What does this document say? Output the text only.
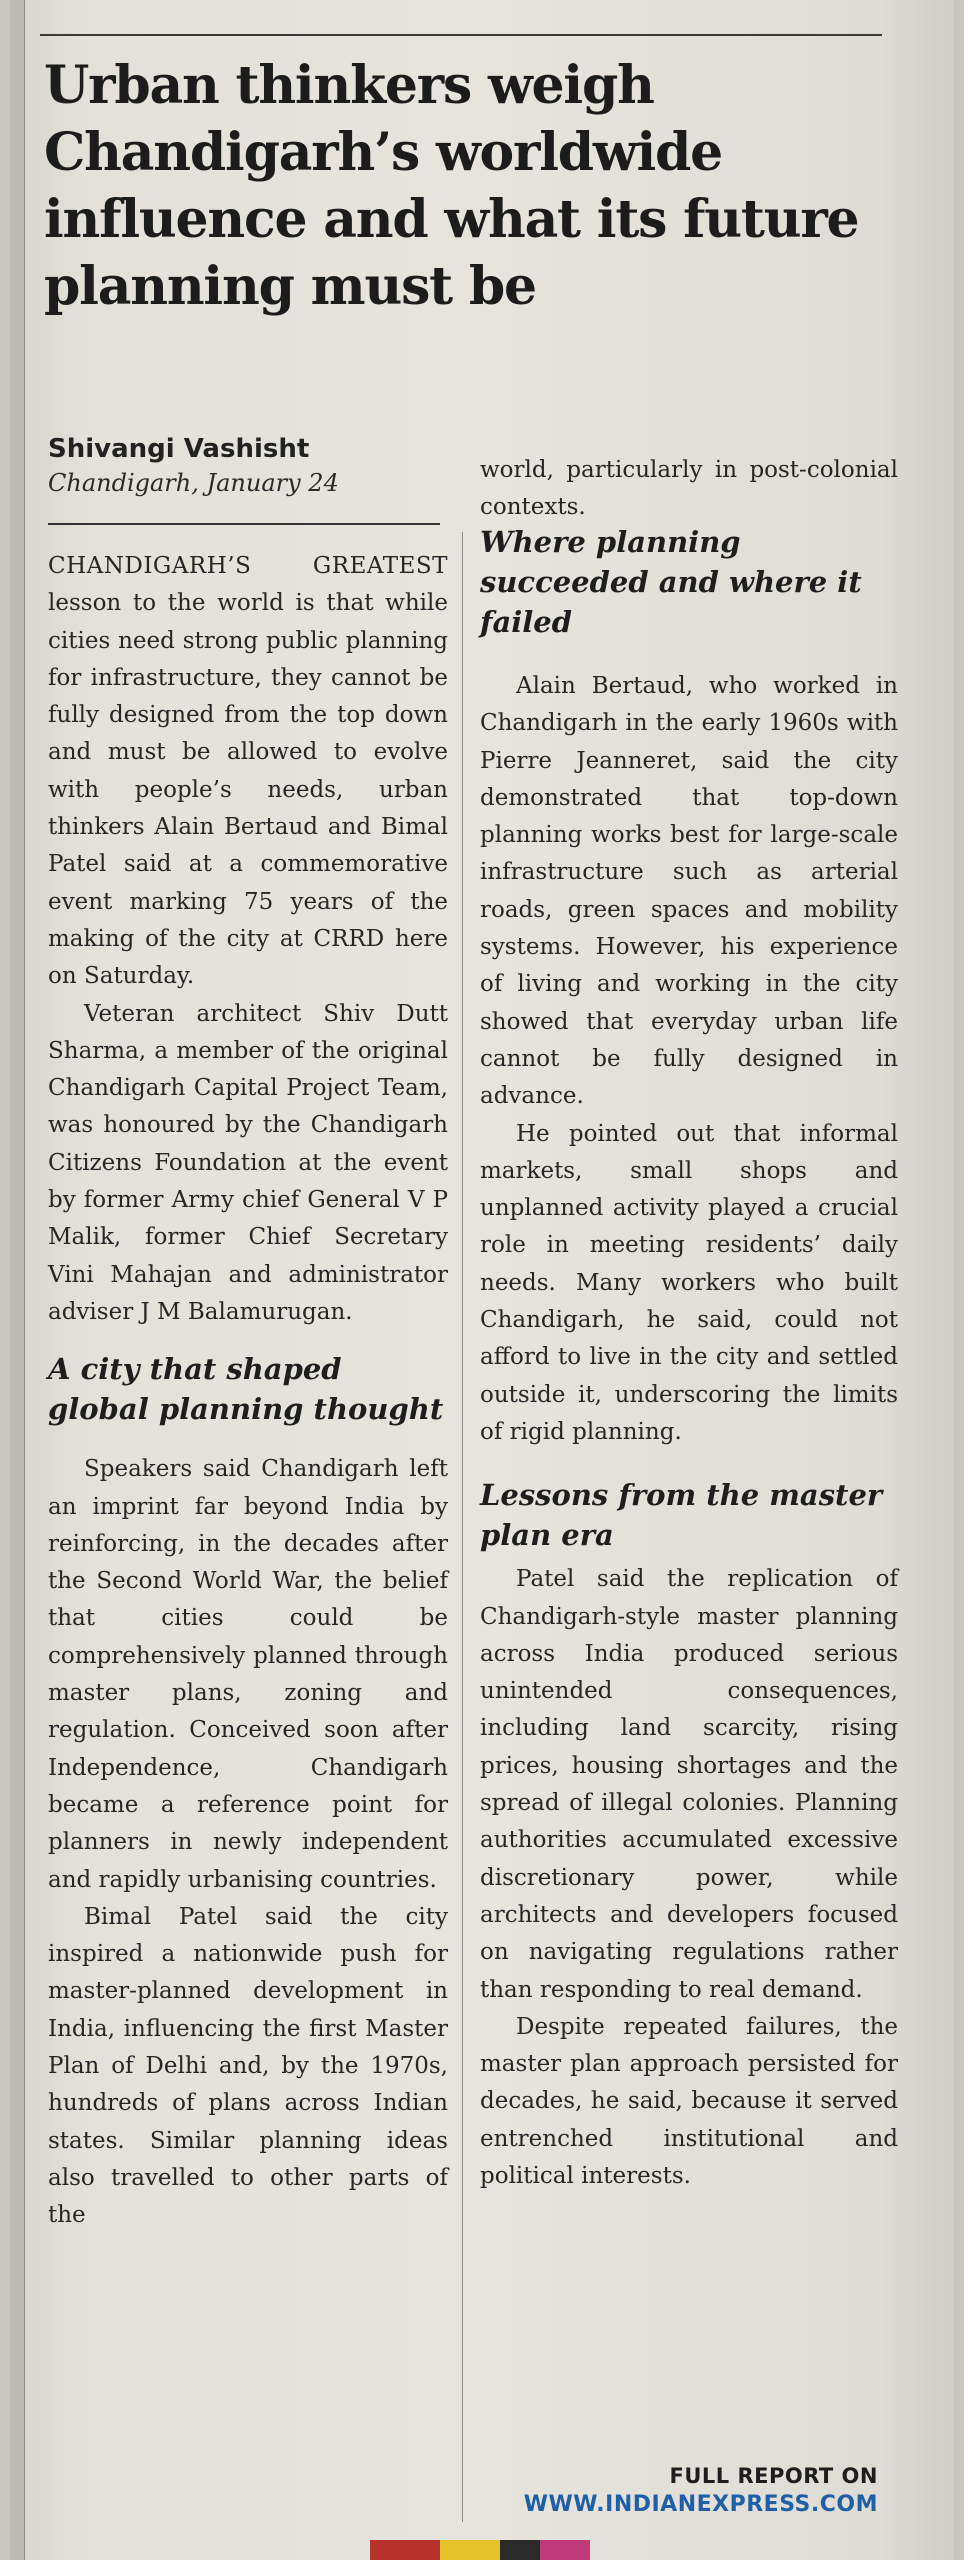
Urban thinkers weigh Chandigarh’s worldwide influence and what its future planning must be
Shivangi Vashisht
Chandigarh, January 24

CHANDIGARH’S GREATEST lesson to the world is that while cities need strong public planning for infrastructure, they cannot be fully designed from the top down and must be allowed to evolve with people’s needs, urban thinkers Alain Bertaud and Bimal Patel said at a commemorative event marking 75 years of the making of the city at CRRD here on Saturday.

Veteran architect Shiv Dutt Sharma, a member of the original Chandigarh Capital Project Team, was honoured by the Chandigarh Citizens Foundation at the event by former Army chief General V P Malik, former Chief Secretary Vini Mahajan and administrator adviser J M Balamurugan.

A city that shaped global planning thought

Speakers said Chandigarh left an imprint far beyond India by reinforcing, in the decades after the Second World War, the belief that cities could be comprehensively planned through master plans, zoning and regulation. Conceived soon after Independence, Chandigarh became a reference point for planners in newly independent and rapidly urbanising countries.

Bimal Patel said the city inspired a nationwide push for master-planned development in India, influencing the first Master Plan of Delhi and, by the 1970s, hundreds of plans across Indian states. Similar planning ideas also travelled to other parts of the

world, particularly in post-colonial contexts.

Where planning succeeded and where it failed

Alain Bertaud, who worked in Chandigarh in the early 1960s with Pierre Jeanneret, said the city demonstrated that top-down planning works best for large-scale infrastructure such as arterial roads, green spaces and mobility systems. However, his experience of living and working in the city showed that everyday urban life cannot be fully designed in advance.

He pointed out that informal markets, small shops and unplanned activity played a crucial role in meeting residents’ daily needs. Many workers who built Chandigarh, he said, could not afford to live in the city and settled outside it, underscoring the limits of rigid planning.

Lessons from the master plan era

Patel said the replication of Chandigarh-style master planning across India produced serious unintended consequences, including land scarcity, rising prices, housing shortages and the spread of illegal colonies. Planning authorities accumulated excessive discretionary power, while architects and developers focused on navigating regulations rather than responding to real demand.

Despite repeated failures, the master plan approach persisted for decades, he said, because it served entrenched institutional and political interests.

FULL REPORT ON
WWW.INDIANEXPRESS.COM
